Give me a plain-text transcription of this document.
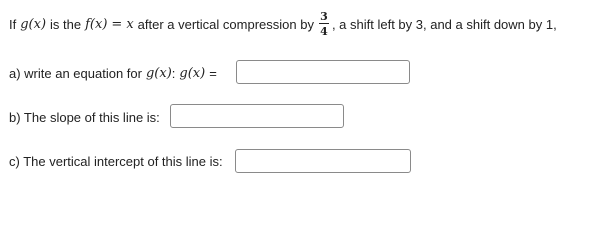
If g(x) is the f(x) = x after a vertical compression by $\frac{3}{4}$ , a shift left by 3, and a shift down by 1,
a) write an equation for g(x) : g(x) =
b) The slope of this line is:
c) The vertical intercept of this line is:
